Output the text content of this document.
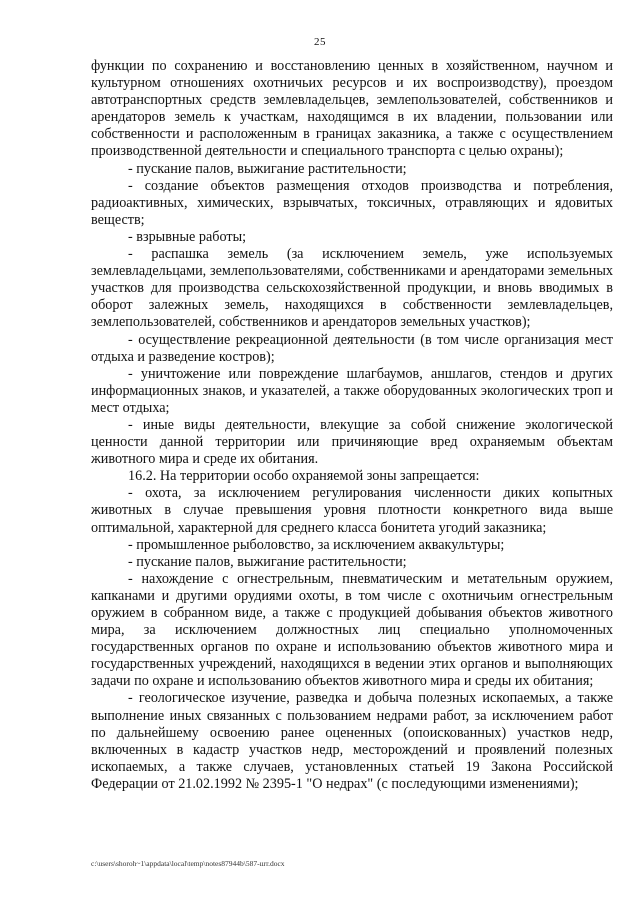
25

функции по сохранению и восстановлению ценных в хозяйственном, научном и культурном отношениях охотничьих ресурсов и их воспроизводству), проездом автотранспортных средств землевладельцев, землепользователей, собственников и арендаторов земель к участкам, находящимся в их владении, пользовании или собственности и расположенным в границах заказника, а также с осуществлением производственной деятельности и специального транспорта с целью охраны);

- пускание палов, выжигание растительности;

- создание объектов размещения отходов производства и потребления, радиоактивных, химических, взрывчатых, токсичных, отравляющих и ядовитых веществ;

- взрывные работы;

- распашка земель (за исключением земель, уже используемых землевладельцами, землепользователями, собственниками и арендаторами земельных участков для производства сельскохозяйственной продукции, и вновь вводимых в оборот залежных земель, находящихся в собственности землевладельцев, землепользователей, собственников и арендаторов земельных участков);

- осуществление рекреационной деятельности (в том числе организация мест отдыха и разведение костров);

- уничтожение или повреждение шлагбаумов, аншлагов, стендов и других информационных знаков, и указателей, а также оборудованных экологических троп и мест отдыха;

- иные виды деятельности, влекущие за собой снижение экологической ценности данной территории или причиняющие вред охраняемым объектам животного мира и среде их обитания.

16.2. На территории особо охраняемой зоны запрещается:

- охота, за исключением регулирования численности диких копытных животных в случае превышения уровня плотности конкретного вида выше оптимальной, характерной для среднего класса бонитета угодий заказника;

- промышленное рыболовство, за исключением аквакультуры;

- пускание палов, выжигание растительности;

- нахождение с огнестрельным, пневматическим и метательным оружием, капканами и другими орудиями охоты, в том числе с охотничьим огнестрельным оружием в собранном виде, а также с продукцией добывания объектов животного мира, за исключением должностных лиц специально уполномоченных государственных органов по охране и использованию объектов животного мира и государственных учреждений, находящихся в ведении этих органов и выполняющих задачи по охране и использованию объектов животного мира и среды их обитания;

- геологическое изучение, разведка и добыча полезных ископаемых, а также выполнение иных связанных с пользованием недрами работ, за исключением работ по дальнейшему освоению ранее оцененных (опоискованных) участков недр, включенных в кадастр участков недр, месторождений и проявлений полезных ископаемых, а также случаев, установленных статьей 19 Закона Российской Федерации от 21.02.1992 № 2395-1 "О недрах" (с последующими изменениями);

c:\users\shoroh~1\appdata\local\temp\notes87944b\587-шт.docx
